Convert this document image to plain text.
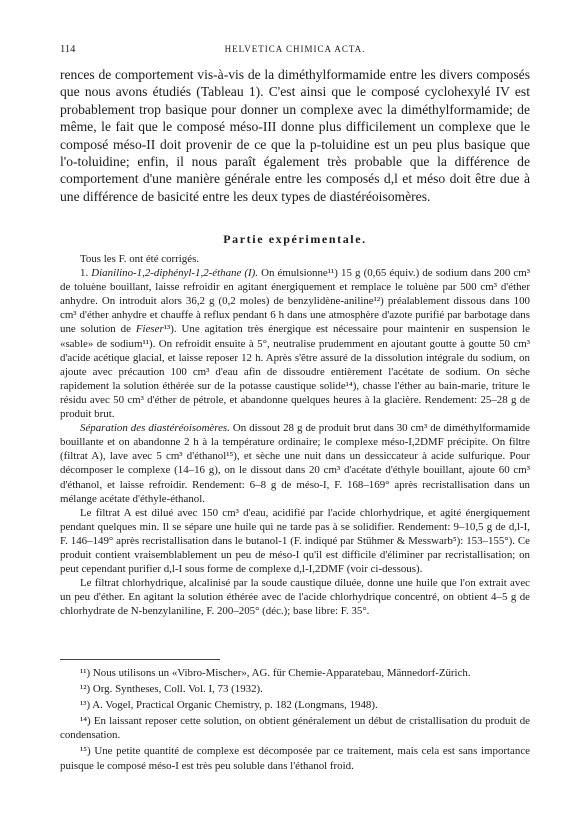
114	HELVETICA CHIMICA ACTA.

rences de comportement vis-à-vis de la diméthylformamide entre les divers composés que nous avons étudiés (Tableau 1). C'est ainsi que le composé cyclohexylé IV est probablement trop basique pour donner un complexe avec la diméthylformamide; de même, le fait que le composé méso-III donne plus difficilement un complexe que le composé méso-II doit provenir de ce que la p-toluidine est un peu plus basique que l'o-toluidine; enfin, il nous paraît également très probable que la différence de comportement d'une manière générale entre les composés d,l et méso doit être due à une différence de basicité entre les deux types de diastéréoisomères.

Partie expérimentale.

Tous les F. ont été corrigés.

1. Dianilino-1,2-diphényl-1,2-éthane (I). On émulsionne¹¹) 15 g (0,65 équiv.) de sodium dans 200 cm³ de toluène bouillant, laisse refroidir en agitant énergiquement et remplace le toluène par 500 cm³ d'éther anhydre. On introduit alors 36,2 g (0,2 moles) de benzylidène-aniline¹²) préalablement dissous dans 100 cm³ d'éther anhydre et chauffe à reflux pendant 6 h dans une atmosphère d'azote purifié par barbotage dans une solution de Fieser¹³). Une agitation très énergique est nécessaire pour maintenir en suspension le «sable» de sodium¹¹). On refroidit ensuite à 5°, neutralise prudemment en ajoutant goutte à goutte 50 cm³ d'acide acétique glacial, et laisse reposer 12 h. Après s'être assuré de la dissolution intégrale du sodium, on ajoute avec précaution 100 cm³ d'eau afin de dissoudre entièrement l'acétate de sodium. On sèche rapidement la solution éthérée sur de la potasse caustique solide¹⁴), chasse l'éther au bain-marie, triture le résidu avec 50 cm³ d'éther de pétrole, et abandonne quelques heures à la glacière. Rendement: 25–28 g de produit brut.

Séparation des diastéréoisomères. On dissout 28 g de produit brut dans 30 cm³ de diméthylformamide bouillante et on abandonne 2 h à la température ordinaire; le complexe méso-I,2DMF précipite. On filtre (filtrat A), lave avec 5 cm³ d'éthanol¹⁵), et sèche une nuit dans un dessiccateur à acide sulfurique. Pour décomposer le complexe (14–16 g), on le dissout dans 20 cm³ d'acétate d'éthyle bouillant, ajoute 60 cm³ d'éthanol, et laisse refroidir. Rendement: 6–8 g de méso-I, F. 168–169° après recristallisation dans un mélange acétate d'éthyle-éthanol.

Le filtrat A est dilué avec 150 cm³ d'eau, acidifié par l'acide chlorhydrique, et agité énergiquement pendant quelques min. Il se sépare une huile qui ne tarde pas à se solidifier. Rendement: 9–10,5 g de d,l-I, F. 146–149° après recristallisation dans le butanol-1 (F. indiqué par Stühmer & Messwarb⁵): 153–155°). Ce produit contient vraisemblablement un peu de méso-I qu'il est difficile d'éliminer par recristallisation; on peut cependant purifier d,l-I sous forme de complexe d,l-I,2DMF (voir ci-dessous).

Le filtrat chlorhydrique, alcalinisé par la soude caustique diluée, donne une huile que l'on extrait avec un peu d'éther. En agitant la solution éthérée avec de l'acide chlorhydrique concentré, on obtient 4–5 g de chlorhydrate de N-benzylaniline, F. 200–205° (déc.); base libre: F. 35°.

¹¹) Nous utilisons un «Vibro-Mischer», AG. für Chemie-Apparatebau, Männedorf-Zürich.

¹²) Org. Syntheses, Coll. Vol. I, 73 (1932).

¹³) A. Vogel, Practical Organic Chemistry, p. 182 (Longmans, 1948).

¹⁴) En laissant reposer cette solution, on obtient généralement un début de cristallisation du produit de condensation.

¹⁵) Une petite quantité de complexe est décomposée par ce traitement, mais cela est sans importance puisque le composé méso-I est très peu soluble dans l'éthanol froid.
